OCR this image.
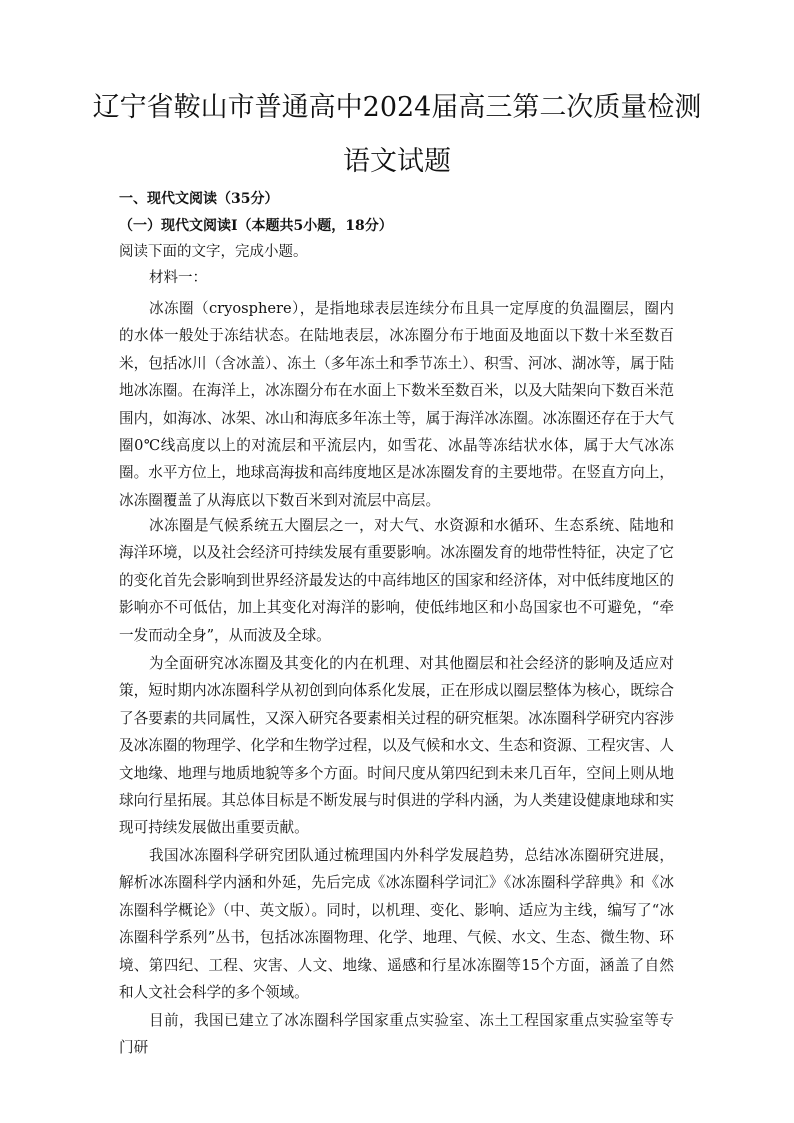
辽宁省鞍山市普通高中2024届高三第二次质量检测
语文试题
一、现代文阅读（35分）
（一）现代文阅读Ⅰ（本题共5小题，18分）
阅读下面的文字，完成小题。
材料一：

冰冻圈（cryosphere），是指地球表层连续分布且具一定厚度的负温圈层，圈内的水体一般处于冻结状态。在陆地表层，冰冻圈分布于地面及地面以下数十米至数百米，包括冰川（含冰盖）、冻土（多年冻土和季节冻土）、积雪、河冰、湖冰等，属于陆地冰冻圈。在海洋上，冰冻圈分布在水面上下数米至数百米，以及大陆架向下数百米范围内，如海冰、冰架、冰山和海底多年冻土等，属于海洋冰冻圈。冰冻圈还存在于大气圈0℃线高度以上的对流层和平流层内，如雪花、冰晶等冻结状水体，属于大气冰冻圈。水平方位上，地球高海拔和高纬度地区是冰冻圈发育的主要地带。在竖直方向上，冰冻圈覆盖了从海底以下数百米到对流层中高层。

冰冻圈是气候系统五大圈层之一，对大气、水资源和水循环、生态系统、陆地和海洋环境，以及社会经济可持续发展有重要影响。冰冻圈发育的地带性特征，决定了它的变化首先会影响到世界经济最发达的中高纬地区的国家和经济体，对中低纬度地区的影响亦不可低估，加上其变化对海洋的影响，使低纬地区和小岛国家也不可避免，“牵一发而动全身”，从而波及全球。

为全面研究冰冻圈及其变化的内在机理、对其他圈层和社会经济的影响及适应对策，短时期内冰冻圈科学从初创到向体系化发展，正在形成以圈层整体为核心，既综合了各要素的共同属性，又深入研究各要素相关过程的研究框架。冰冻圈科学研究内容涉及冰冻圈的物理学、化学和生物学过程，以及气候和水文、生态和资源、工程灾害、人文地缘、地理与地质地貌等多个方面。时间尺度从第四纪到未来几百年，空间上则从地球向行星拓展。其总体目标是不断发展与时俱进的学科内涵，为人类建设健康地球和实现可持续发展做出重要贡献。

我国冰冻圈科学研究团队通过梳理国内外科学发展趋势，总结冰冻圈研究进展，解析冰冻圈科学内涵和外延，先后完成《冰冻圈科学词汇》《冰冻圈科学辞典》和《冰冻圈科学概论》（中、英文版）。同时，以机理、变化、影响、适应为主线，编写了“冰冻圈科学系列”丛书，包括冰冻圈物理、化学、地理、气候、水文、生态、微生物、环境、第四纪、工程、灾害、人文、地缘、遥感和行星冰冻圈等15个方面，涵盖了自然和人文社会科学的多个领域。

目前，我国已建立了冰冻圈科学国家重点实验室、冻土工程国家重点实验室等专门研
